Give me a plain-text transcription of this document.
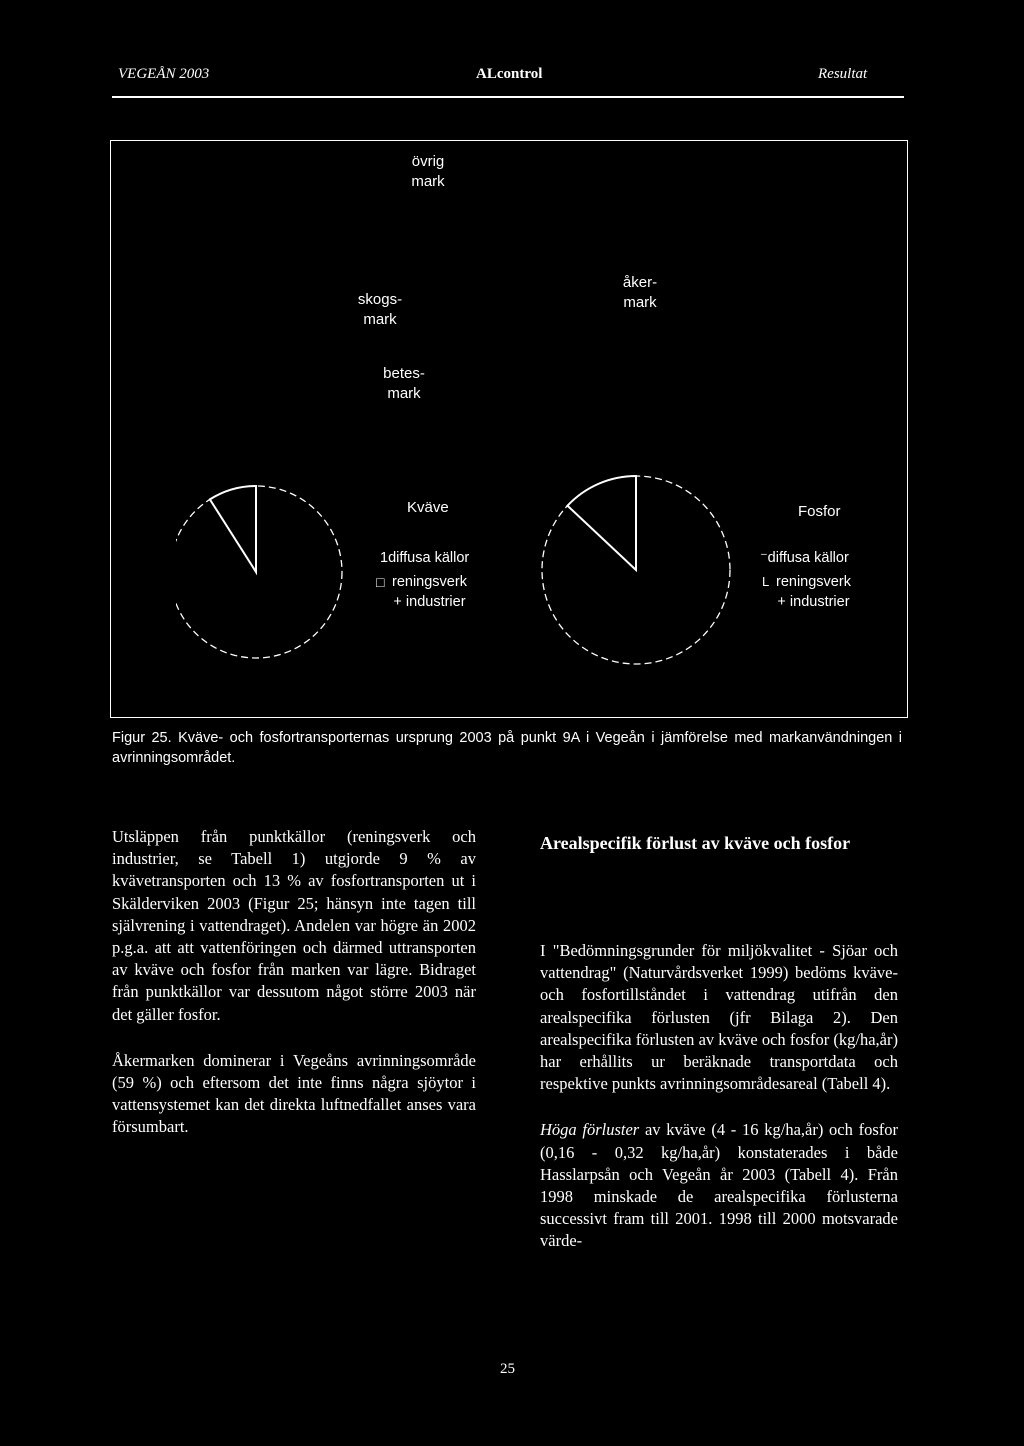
VEGEÅN 2003	ALcontrol	Resultat
övrig
mark
åker-
mark
skogs-
mark
betes-
mark
Kväve

1diffusa källor

□ reningsverk
+ industrier
Fosfor

⁻diffusa källor

L reningsverk
+ industrier
Figur 25. Kväve- och fosfortransporternas ursprung 2003 på punkt 9A i Vegeån i jämförelse med markanvändningen i avrinningsområdet.

Utsläppen från punktkällor (reningsverk och industrier, se Tabell 1) utgjorde 9 % av kvävetransporten och 13 % av fosfortransporten ut i Skälderviken 2003 (Figur 25; hänsyn inte tagen till självrening i vattendraget). Andelen var högre än 2002 p.g.a. att att vattenföringen och därmed uttransporten av kväve och fosfor från marken var lägre. Bidraget från punktkällor var dessutom något större 2003 när det gäller fosfor.

Åkermarken dominerar i Vegeåns avrinningsområde (59 %) och eftersom det inte finns några sjöytor i vattensystemet kan det direkta luftnedfallet anses vara försumbart.

Arealspecifik förlust av kväve och fosfor

I "Bedömningsgrunder för miljökvalitet - Sjöar och vattendrag" (Naturvårdsverket 1999) bedöms kväve- och fosfortillståndet i vattendrag utifrån den arealspecifika förlusten (jfr Bilaga 2). Den arealspecifika förlusten av kväve och fosfor (kg/ha,år) har erhållits ur beräknade transportdata och respektive punkts avrinningsområdesareal (Tabell 4).

Höga förluster av kväve (4 - 16 kg/ha,år) och fosfor (0,16 - 0,32 kg/ha,år) konstaterades i både Hasslarpsån och Vegeån år 2003 (Tabell 4). Från 1998 minskade de arealspecifika förlusterna successivt fram till 2001. 1998 till 2000 motsvarade värde-

25
